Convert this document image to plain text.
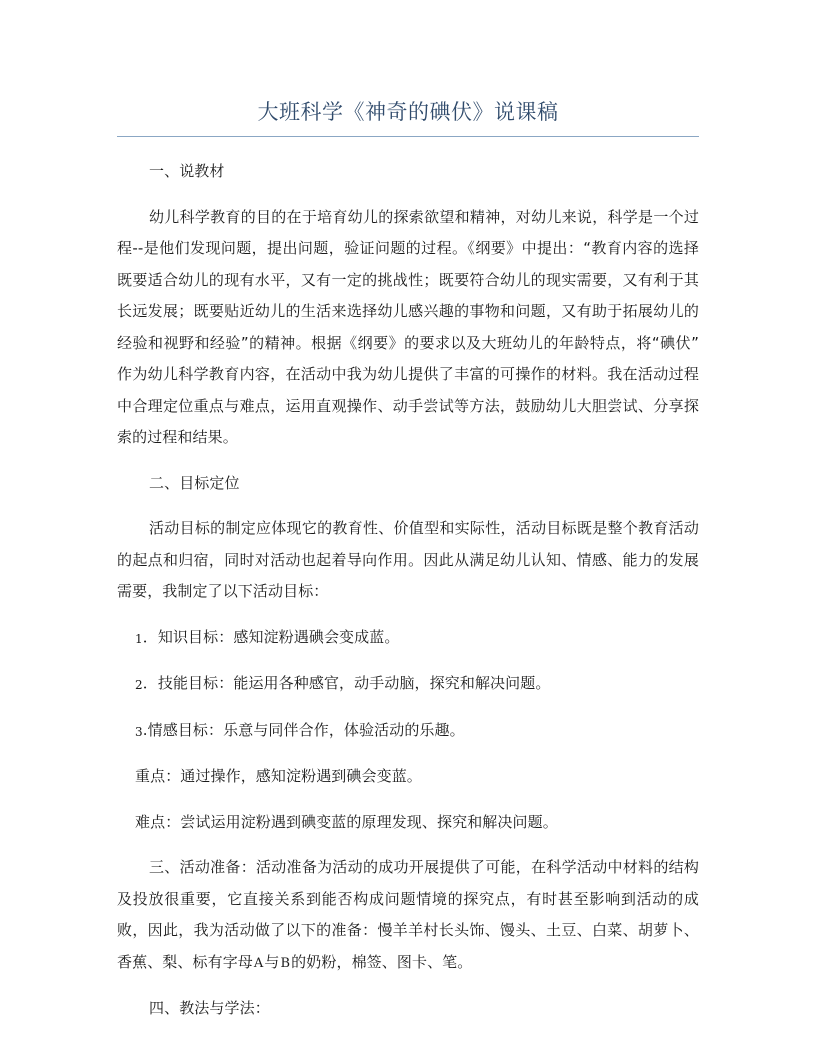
大班科学《神奇的碘伏》说课稿

一、说教材

幼儿科学教育的目的在于培育幼儿的探索欲望和精神，对幼儿来说，科学是一个过程--是他们发现问题，提出问题，验证问题的过程。《纲要》中提出：“教育内容的选择既要适合幼儿的现有水平，又有一定的挑战性；既要符合幼儿的现实需要，又有利于其长远发展；既要贴近幼儿的生活来选择幼儿感兴趣的事物和问题，又有助于拓展幼儿的经验和视野和经验”的精神。根据《纲要》的要求以及大班幼儿的年龄特点，将“碘伏”作为幼儿科学教育内容，在活动中我为幼儿提供了丰富的可操作的材料。我在活动过程中合理定位重点与难点，运用直观操作、动手尝试等方法，鼓励幼儿大胆尝试、分享探索的过程和结果。

二、目标定位

活动目标的制定应体现它的教育性、价值型和实际性，活动目标既是整个教育活动的起点和归宿，同时对活动也起着导向作用。因此从满足幼儿认知、情感、能力的发展需要，我制定了以下活动目标：

1．知识目标：感知淀粉遇碘会变成蓝。

2．技能目标：能运用各种感官，动手动脑，探究和解决问题。

3.情感目标：乐意与同伴合作，体验活动的乐趣。

重点：通过操作，感知淀粉遇到碘会变蓝。

难点：尝试运用淀粉遇到碘变蓝的原理发现、探究和解决问题。

三、活动准备：活动准备为活动的成功开展提供了可能，在科学活动中材料的结构及投放很重要，它直接关系到能否构成问题情境的探究点，有时甚至影响到活动的成败，因此，我为活动做了以下的准备：慢羊羊村长头饰、馒头、土豆、白菜、胡萝卜、香蕉、梨、标有字母A与B的奶粉，棉签、图卡、笔。

四、教法与学法：
